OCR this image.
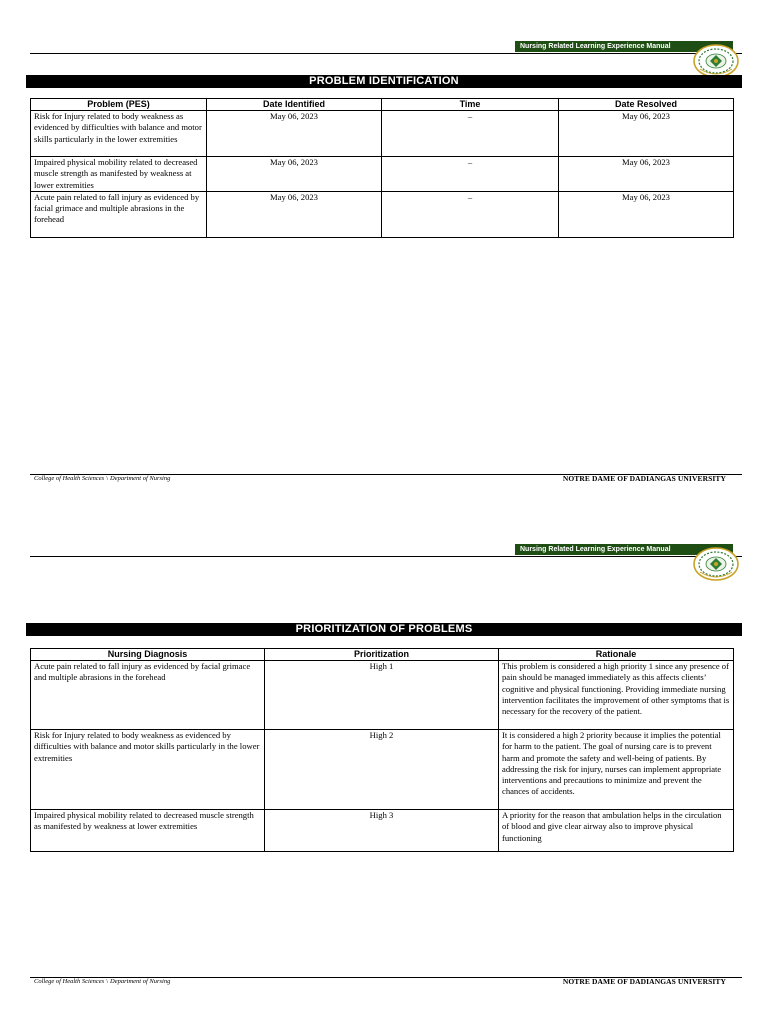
Nursing Related Learning Experience Manual
PROBLEM IDENTIFICATION
Problem (PES)	Date Identified	Time	Date Resolved
Risk for Injury related to body weakness as evidenced by difficulties with balance and motor skills particularly in the lower extremities	May 06, 2023	–	May 06, 2023
Impaired physical mobility related to decreased muscle strength as manifested by weakness at lower extremities	May 06, 2023	–	May 06, 2023
Acute pain related to fall injury as evidenced by facial grimace and multiple abrasions in the forehead	May 06, 2023	–	May 06, 2023
College of Health Sciences \ Department of Nursing	NOTRE DAME OF DADIANGAS UNIVERSITY
Nursing Related Learning Experience Manual
PRIORITIZATION OF PROBLEMS
Nursing Diagnosis	Prioritization	Rationale
Acute pain related to fall injury as evidenced by facial grimace and multiple abrasions in the forehead	High 1	This problem is considered a high priority 1 since any presence of pain should be managed immediately as this affects clients’ cognitive and physical functioning. Providing immediate nursing intervention facilitates the improvement of other symptoms that is necessary for the recovery of the patient.
Risk for Injury related to body weakness as evidenced by difficulties with balance and motor skills particularly in the lower extremities	High 2	It is considered a high 2 priority because it implies the potential for harm to the patient. The goal of nursing care is to prevent harm and promote the safety and well-being of patients. By addressing the risk for injury, nurses can implement appropriate interventions and precautions to minimize and prevent the chances of accidents.
Impaired physical mobility related to decreased muscle strength as manifested by weakness at lower extremities	High 3	A priority for the reason that ambulation helps in the circulation of blood and give clear airway also to improve physical functioning
College of Health Sciences \ Department of Nursing	NOTRE DAME OF DADIANGAS UNIVERSITY
